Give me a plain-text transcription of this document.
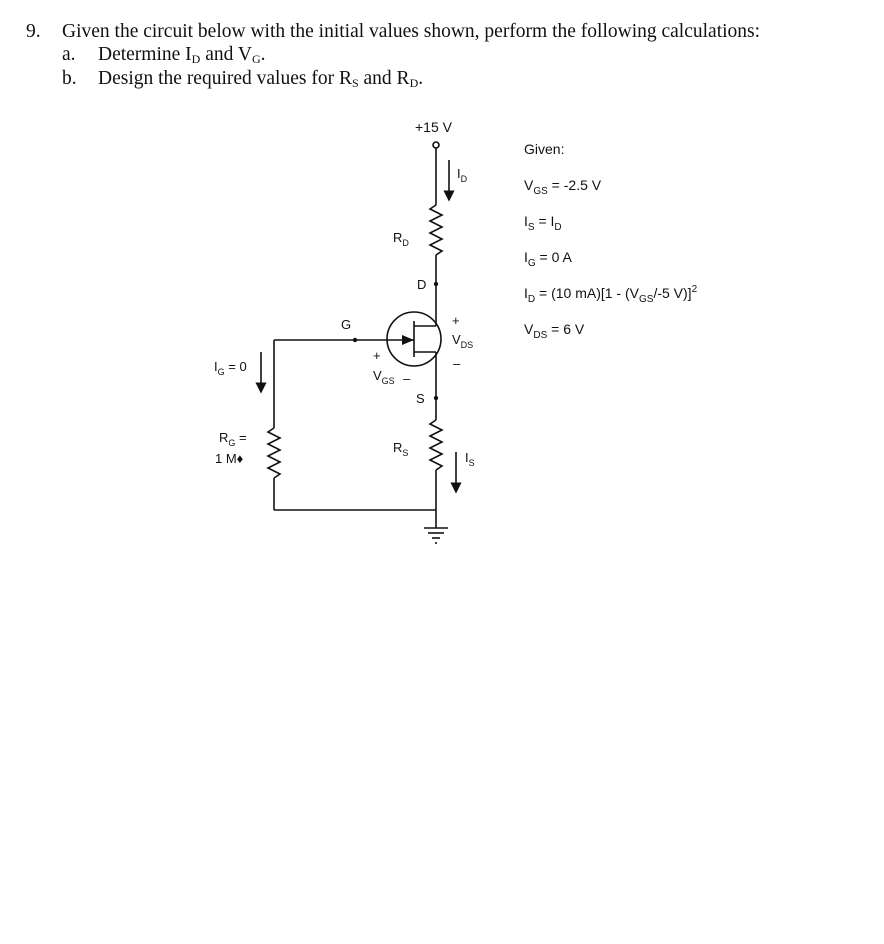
9. Given the circuit below with the initial values shown, perform the following calculations:
a. Determine $I_D$ and $V_G$.
b. Design the required values for $R_S$ and $R_D$.
+15 V
$I_D$
$R_D$
D
G	+
$V_{DS}$
–
+
$V_{GS}$ –
S
$I_G = 0$
$R_G$ =
1 M♦
$R_S$	$I_S$
Given:
$V_{GS} = -2.5$ V
$I_S = I_D$
$I_G = 0$ A
$I_D = (10$ $mA)[1 - (V_{GS}/-5$ V)]$^2$
$V_{DS} = 6$ V
